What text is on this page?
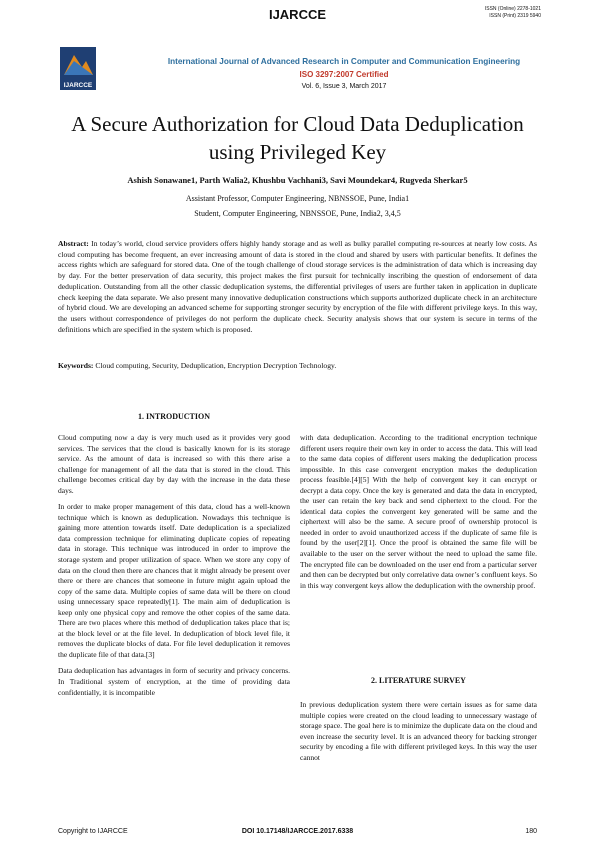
IJARCCE
IJARCCE	ISSN (Online) 2278-1021
ISSN (Print) 2319 5940
International Journal of Advanced Research in Computer and Communication Engineering
ISO 3297:2007 Certified
Vol. 6, Issue 3, March 2017
A Secure Authorization for Cloud Data Deduplication using Privileged Key
Ashish Sonawane1, Parth Walia2, Khushbu Vachhani3, Savi Moundekar4, Rugveda Sherkar5
Assistant Professor, Computer Engineering, NBNSSOE, Pune, India1
Student, Computer Engineering, NBNSSOE, Pune, India2, 3,4,5
Abstract: In today’s world, cloud service providers offers highly handy storage and as well as bulky parallel computing re-sources at nearly low costs. As cloud computing has become frequent, an ever increasing amount of data is stored in the cloud and shared by users with particular benefits. It defines the access rights which are safeguard for stored data. One of the tough challenge of cloud storage services is the administration of data which is increasing day by day. For the better preservation of data security, this project makes the first pursuit for technically inscribing the question of endorsement of data deduplication. Outstanding from all the other classic deduplication systems, the differential privileges of users are further taken in application in duplicate check keeping the data separate. We also present many innovative deduplication constructions which supports authorized duplicate check in an architecture of hybrid cloud. We are developing an advanced scheme for supporting stronger security by encryption of the file with different privilege keys. In this way, the users without correspondence of privileges do not perform the duplicate check. Security analysis shows that our system is secure in terms of the definitions which are specified in the system which is proposed.
Keywords: Cloud computing, Security, Deduplication, Encryption Decryption Technology.
1. INTRODUCTION

Cloud computing now a day is very much used as it provides very good services. The services that the cloud is basically known for is its storage service. As the amount of data is increased so with this there arise a challenge for management of all the data that is stored in the cloud. This challenge becomes critical day by day with the increase in the data these days.

In order to make proper management of this data, cloud has a well-known technique which is known as deduplication. Nowadays this technique is gaining more attention towards itself. Date deduplication is a specialized data compression technique for eliminating duplicate copies of repeating data in storage. This technique was introduced in order to improve the storage system and proper utilization of space. When we store any copy of data on the cloud then there are chances that it might already be present over there or there are chances that someone in future might again upload the copy of the same data. Multiple copies of same data will be there on cloud using unnecessary space repeatedly[1]. The main aim of deduplication is keep only one physical copy and remove the other copies of the same data. There are two places where this method of deduplication takes place that is; at the block level or at the file level. In deduplication of block level file, it removes the duplicate blocks of data. For file level deduplication it removes the duplicate file of that data.[3]

Data deduplication has advantages in form of security and privacy concerns. In Traditional system of encryption, at the time of providing data confidentially, it is incompatible

with data deduplication. According to the traditional encryption technique different users require their own key in order to access the data. This will lead to the same data copies of different users making the deduplication process impossible. In this case convergent encryption makes the deduplication process feasible.[4][5] With the help of convergent key it can encrypt or decrypt a data copy. Once the key is generated and data the data in encrypted, the user can retain the key back and send ciphertext to the cloud. For the identical data copies the convergent key generated will be same and the ciphertext will also be the same. A secure proof of ownership protocol is needed in order to avoid unauthorized access if the duplicate of same file is found by the user[2][1]. Once the proof is obtained the same file will be available to the user on the server without the need to upload the same file. The encrypted file can be downloaded on the user end from a particular server and then can be decrypted but only correlative data owner’s confluent keys. So in this way convergent keys allow the deduplication with the ownership proof.

2. LITERATURE SURVEY

In previous deduplication system there were certain issues as for same data multiple copies were created on the cloud leading to unnecessary wastage of storage space. The goal here is to minimize the duplicate data on the cloud and even increase the security level. It is an advanced theory for backing stronger security by encoding a file with different privileged keys. In this way the user cannot

Copyright to IJARCCE	DOI 10.17148/IJARCCE.2017.6338	180
